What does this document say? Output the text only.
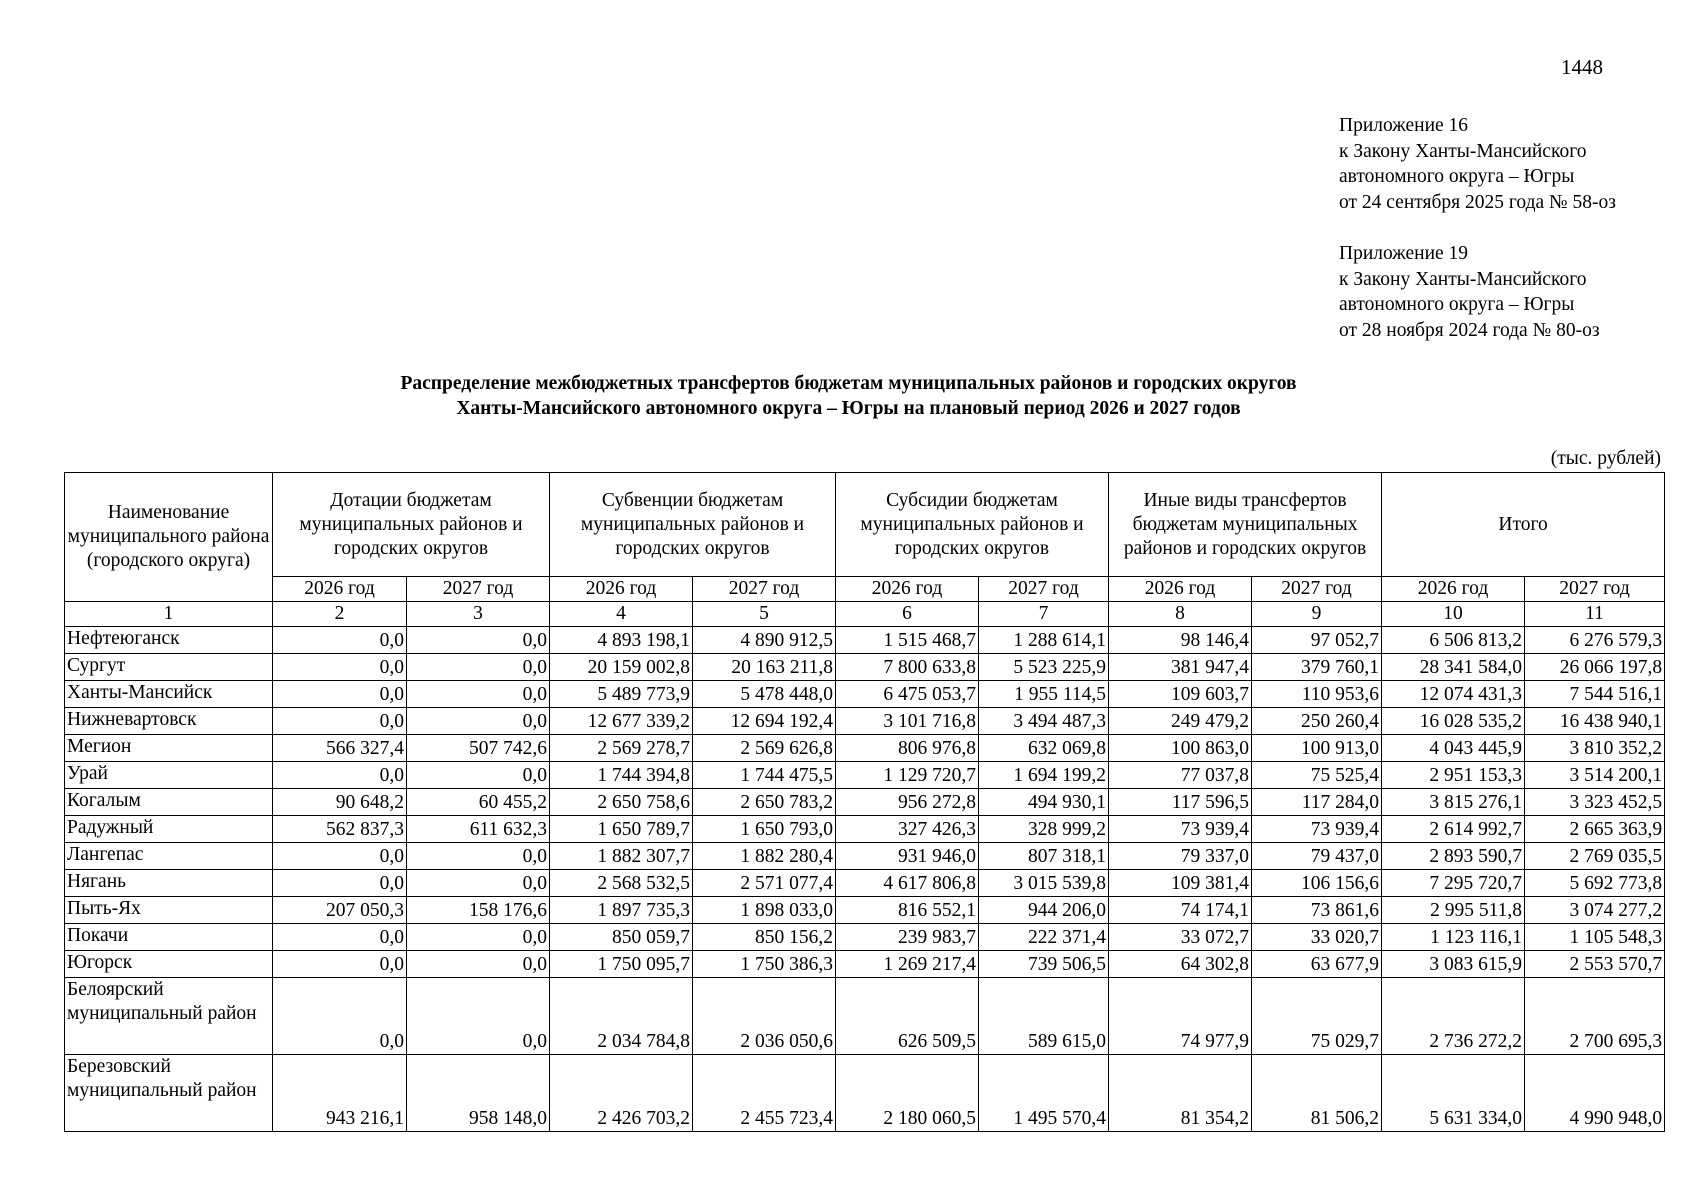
1448
Приложение 16
к Закону Ханты-Мансийского
автономного округа – Югры
от 24 сентября 2025 года № 58-оз
Приложение 19
к Закону Ханты-Мансийского
автономного округа – Югры
от 28 ноября 2024 года № 80-оз
Распределение межбюджетных трансфертов бюджетам муниципальных районов и городских округов
Ханты-Мансийского автономного округа – Югры на плановый период 2026 и 2027 годов
(тыс. рублей)
Наименование муниципального района (городского округа)	Дотации бюджетам муниципальных районов и городских округов		Субвенции бюджетам муниципальных районов и городских округов		Субсидии бюджетам муниципальных районов и городских округов		Иные виды трансфертов бюджетам муниципальных районов и городских округов		Итого	
	2026 год	2027 год	2026 год	2027 год	2026 год	2027 год	2026 год	2027 год	2026 год	2027 год
1	2	3	4	5	6	7	8	9	10	11
Нефтеюганск	0,0	0,0	4 893 198,1	4 890 912,5	1 515 468,7	1 288 614,1	98 146,4	97 052,7	6 506 813,2	6 276 579,3
Сургут	0,0	0,0	20 159 002,8	20 163 211,8	7 800 633,8	5 523 225,9	381 947,4	379 760,1	28 341 584,0	26 066 197,8
Ханты-Мансийск	0,0	0,0	5 489 773,9	5 478 448,0	6 475 053,7	1 955 114,5	109 603,7	110 953,6	12 074 431,3	7 544 516,1
Нижневартовск	0,0	0,0	12 677 339,2	12 694 192,4	3 101 716,8	3 494 487,3	249 479,2	250 260,4	16 028 535,2	16 438 940,1
Мегион	566 327,4	507 742,6	2 569 278,7	2 569 626,8	806 976,8	632 069,8	100 863,0	100 913,0	4 043 445,9	3 810 352,2
Урай	0,0	0,0	1 744 394,8	1 744 475,5	1 129 720,7	1 694 199,2	77 037,8	75 525,4	2 951 153,3	3 514 200,1
Когалым	90 648,2	60 455,2	2 650 758,6	2 650 783,2	956 272,8	494 930,1	117 596,5	117 284,0	3 815 276,1	3 323 452,5
Радужный	562 837,3	611 632,3	1 650 789,7	1 650 793,0	327 426,3	328 999,2	73 939,4	73 939,4	2 614 992,7	2 665 363,9
Лангепас	0,0	0,0	1 882 307,7	1 882 280,4	931 946,0	807 318,1	79 337,0	79 437,0	2 893 590,7	2 769 035,5
Нягань	0,0	0,0	2 568 532,5	2 571 077,4	4 617 806,8	3 015 539,8	109 381,4	106 156,6	7 295 720,7	5 692 773,8
Пыть-Ях	207 050,3	158 176,6	1 897 735,3	1 898 033,0	816 552,1	944 206,0	74 174,1	73 861,6	2 995 511,8	3 074 277,2
Покачи	0,0	0,0	850 059,7	850 156,2	239 983,7	222 371,4	33 072,7	33 020,7	1 123 116,1	1 105 548,3
Югорск	0,0	0,0	1 750 095,7	1 750 386,3	1 269 217,4	739 506,5	64 302,8	63 677,9	3 083 615,9	2 553 570,7
Белоярский муниципальный район	0,0	0,0	2 034 784,8	2 036 050,6	626 509,5	589 615,0	74 977,9	75 029,7	2 736 272,2	2 700 695,3
Березовский муниципальный район	943 216,1	958 148,0	2 426 703,2	2 455 723,4	2 180 060,5	1 495 570,4	81 354,2	81 506,2	5 631 334,0	4 990 948,0
